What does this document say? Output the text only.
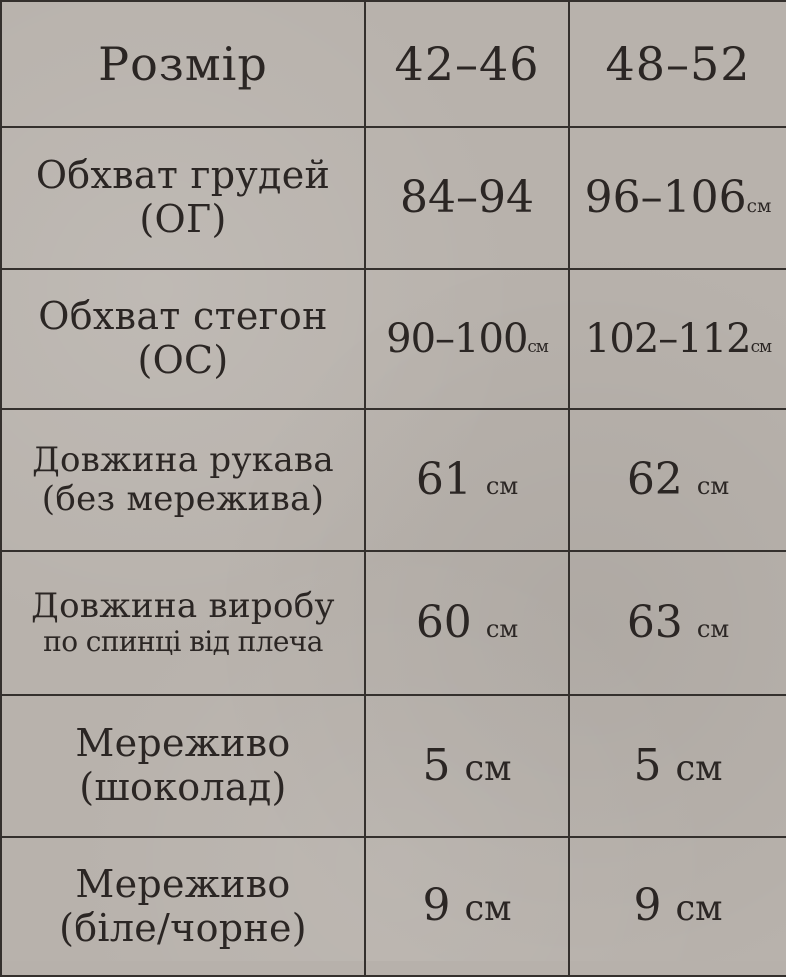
Розмір	42–46	48–52

Обхват грудей
(ОГ)	84–94	96–106см

Обхват стегон
(ОС)	90–100см	102–112см

Довжина рукава
(без мережива)	61 см	62 см

Довжина виробу
по спинці від плеча	60 см	63 см

Мереживо
(шоколад)	5 см	5 см

Мереживо
(біле/чорне)	9 см	9 см
